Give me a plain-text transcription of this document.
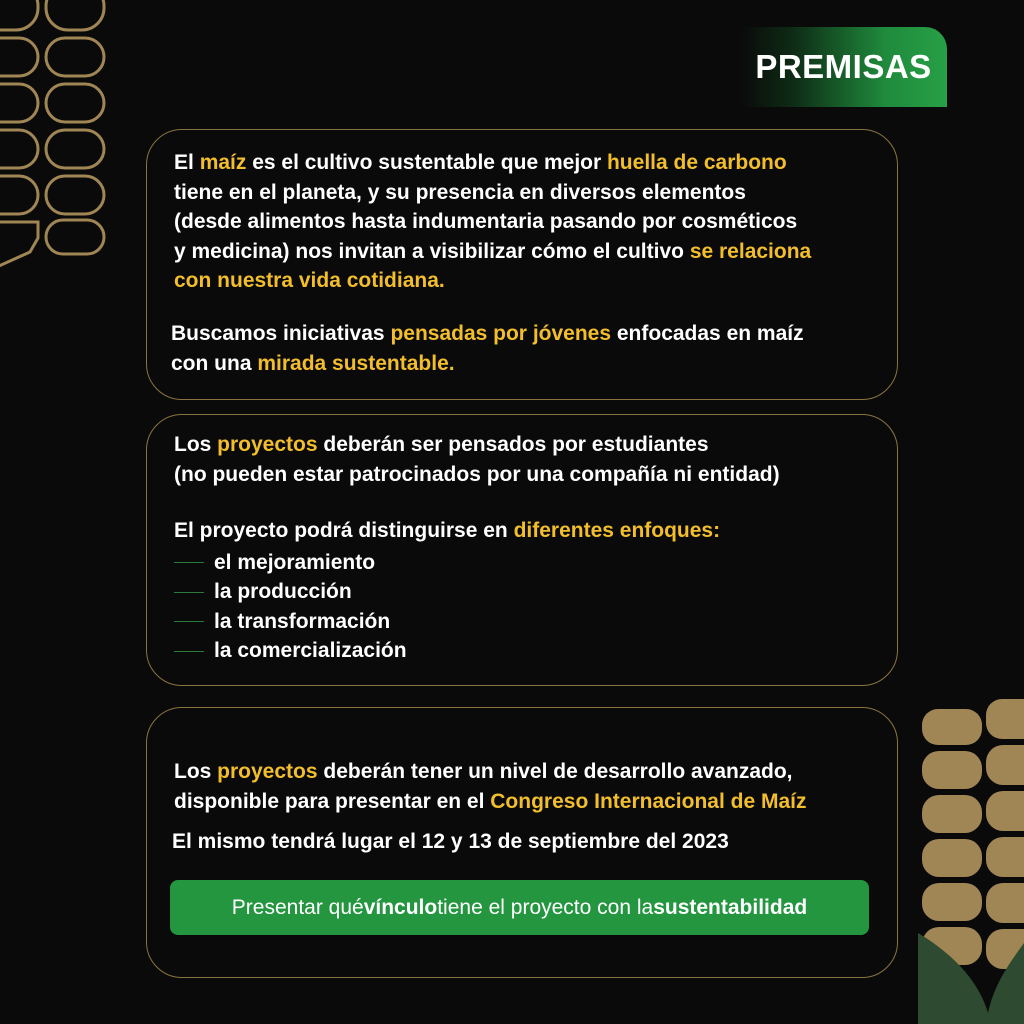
PREMISAS
El maíz es el cultivo sustentable que mejor huella de carbono
tiene en el planeta, y su presencia en diversos elementos
(desde alimentos hasta indumentaria pasando por cosméticos
y medicina) nos invitan a visibilizar cómo el cultivo se relaciona
con nuestra vida cotidiana.
Buscamos iniciativas pensadas por jóvenes enfocadas en maíz
con una mirada sustentable.
Los proyectos deberán ser pensados por estudiantes
(no pueden estar patrocinados por una compañía ni entidad)
El proyecto podrá distinguirse en diferentes enfoques:
el mejoramiento
la producción
la transformación
la comercialización
Los proyectos deberán tener un nivel de desarrollo avanzado,
disponible para presentar en el Congreso Internacional de Maíz
El mismo tendrá lugar el 12 y 13 de septiembre del 2023
Presentar qué vínculo tiene el proyecto con la sustentabilidad
